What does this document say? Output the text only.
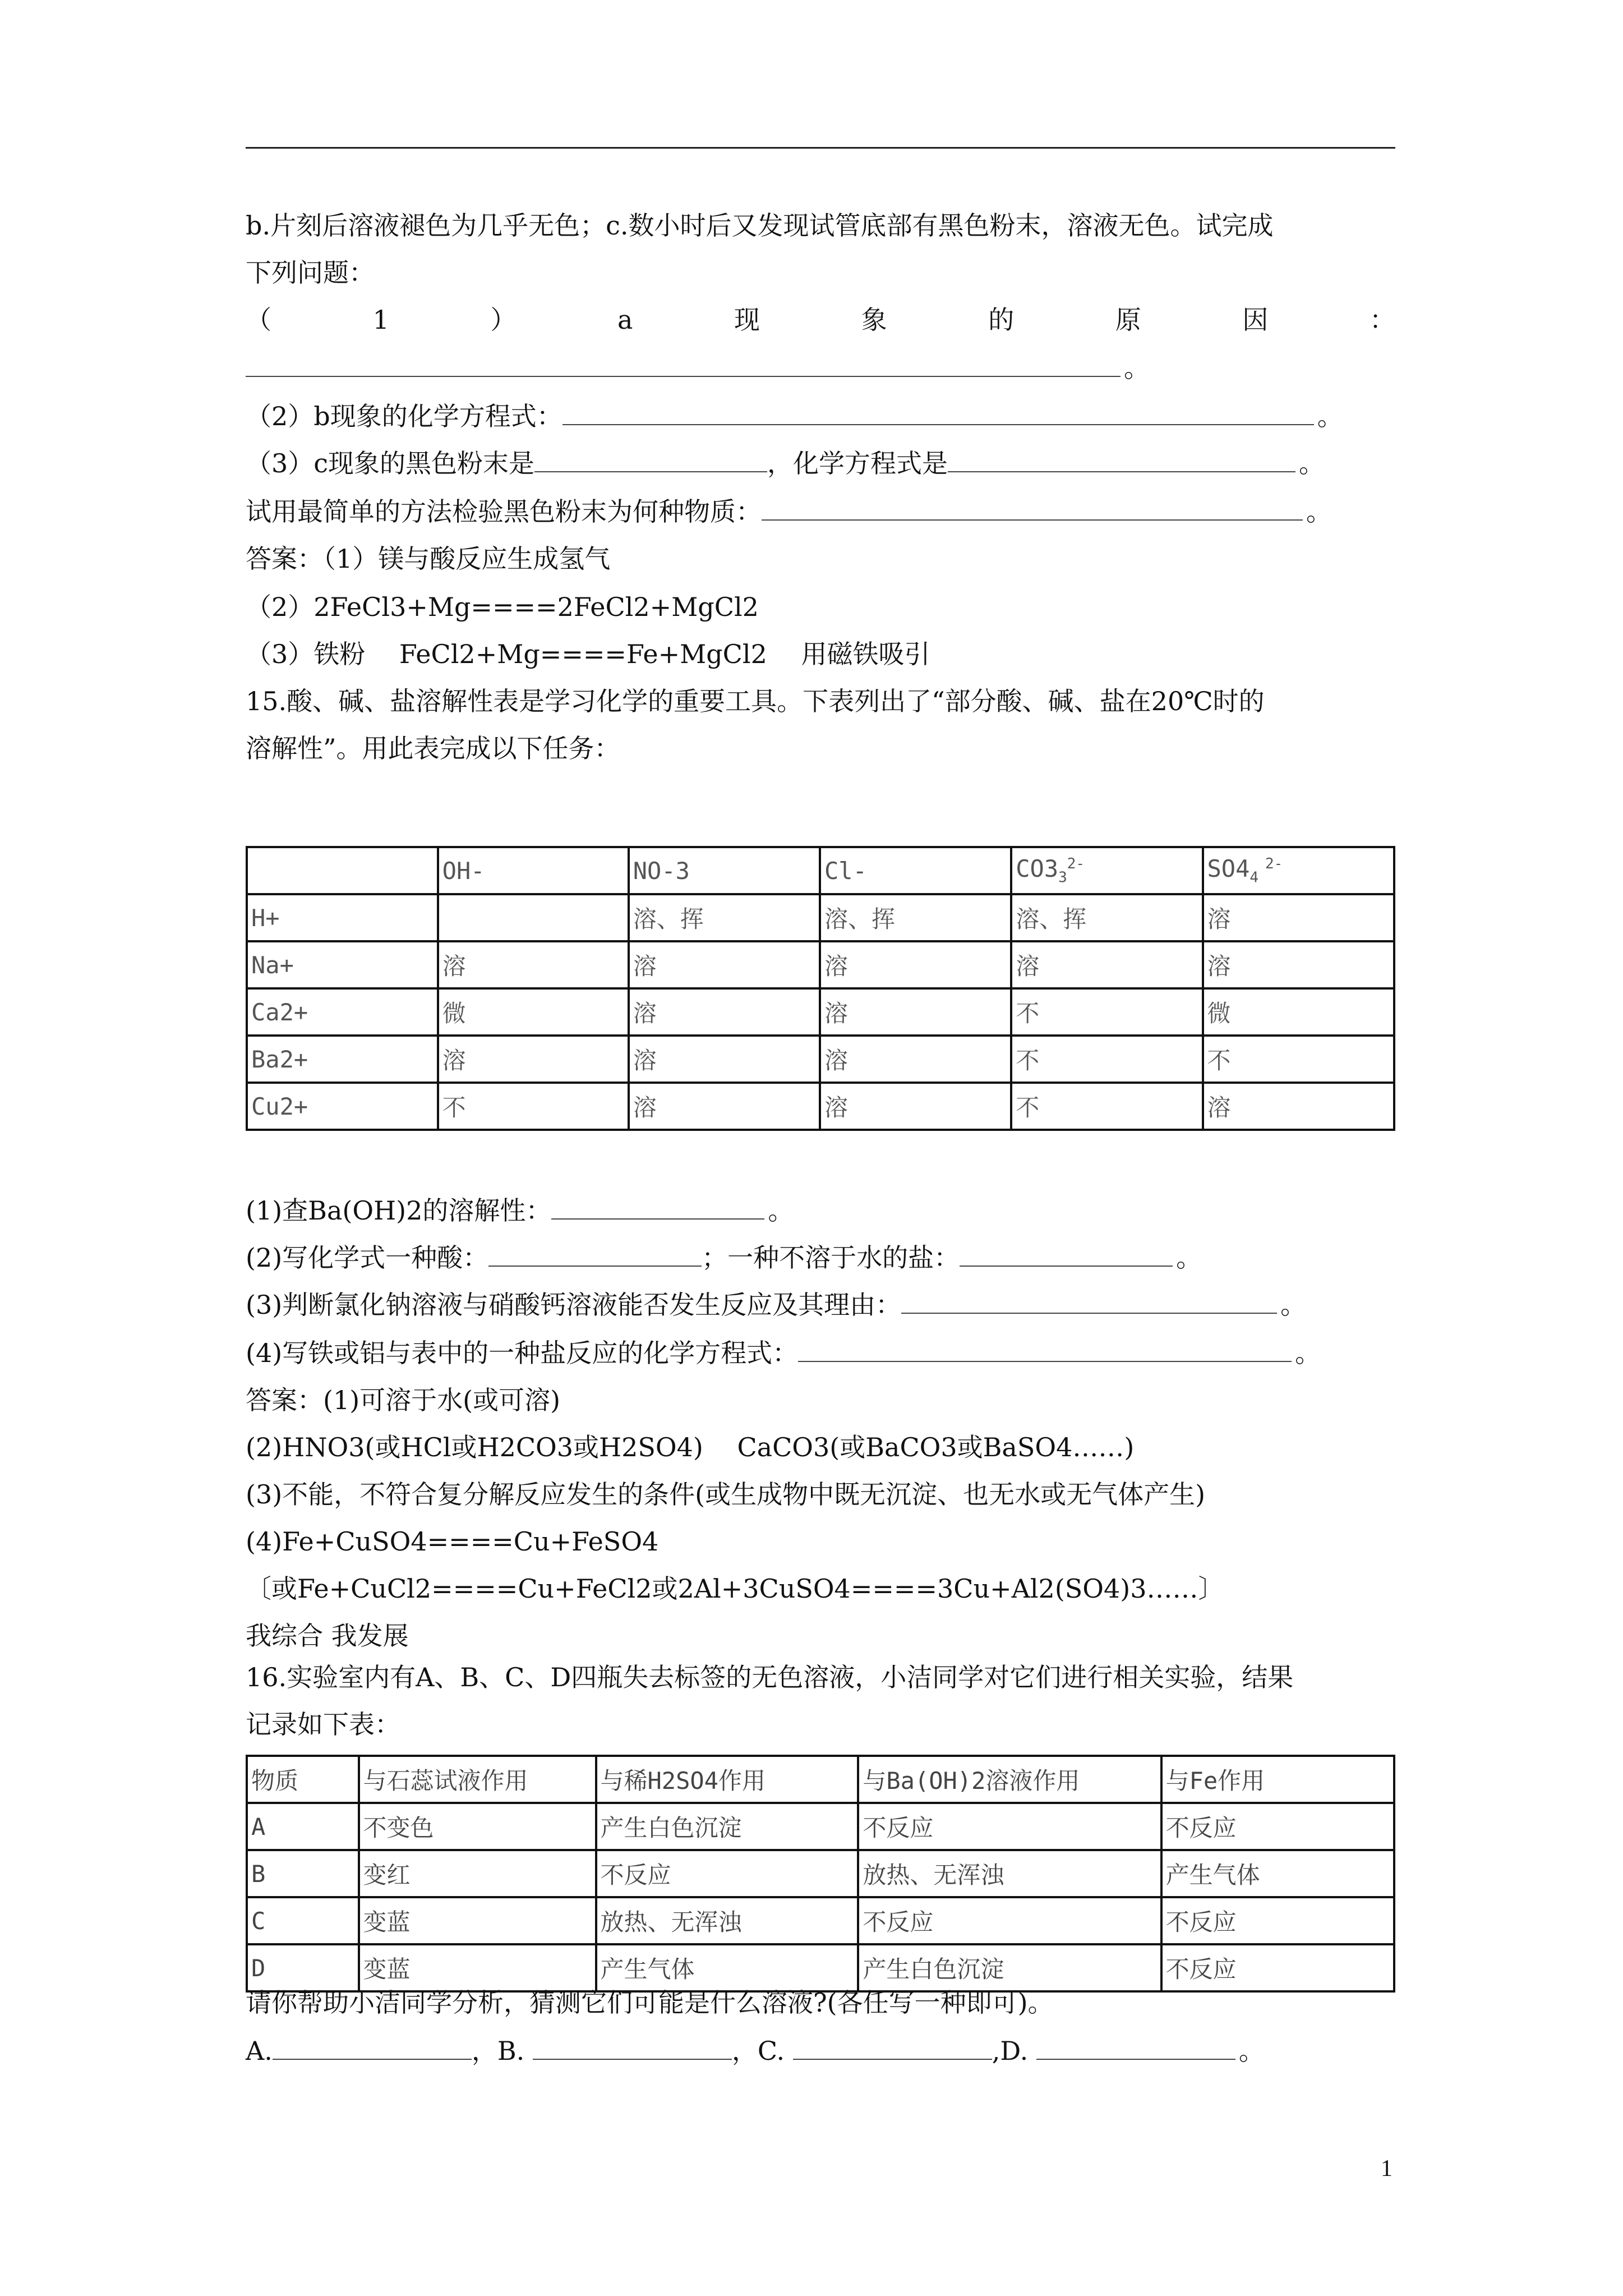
b.片刻后溶液褪色为几乎无色；c.数小时后又发现试管底部有黑色粉末，溶液无色。试完成
下列问题：
（	1	）	a	现	象	的	原	因	：
。
（2）b现象的化学方程式：	。
（3）c现象的黑色粉末是	，化学方程式是	。
试用最简单的方法检验黑色粉末为何种物质：	。
答案：（1）镁与酸反应生成氢气
（2）2FeCl3+Mg====2FeCl2+MgCl2
（3）铁粉　 FeCl2+Mg====Fe+MgCl2　 用磁铁吸引
15.酸、碱、盐溶解性表是学习化学的重要工具。下表列出了“部分酸、碱、盐在20℃时的
溶解性”。用此表完成以下任务：
	OH-	NO-3	Cl-	$CO3_3^{2-}$	$SO4_4^{2-}$
H+		溶、挥	溶、挥	溶、挥	溶
Na+	溶	溶	溶	溶	溶
Ca2+	微	溶	溶	不	微
Ba2+	溶	溶	溶	不	不
Cu2+	不	溶	溶	不	溶
物质	与石蕊试液作用	与稀H2SO4作用	与Ba(OH)2溶液作用	与Fe作用
A	不变色	产生白色沉淀	不反应	不反应
B	变红	不反应	放热、无浑浊	产生气体
C	变蓝	放热、无浑浊	不反应	不反应
D	变蓝	产生气体	产生白色沉淀	不反应
(1)查Ba(OH)2的溶解性：	。
(2)写化学式一种酸：	；一种不溶于水的盐：	。
(3)判断氯化钠溶液与硝酸钙溶液能否发生反应及其理由：	。
(4)写铁或铝与表中的一种盐反应的化学方程式：	。
答案：(1)可溶于水(或可溶)
(2)HNO3(或HCl或H2CO3或H2SO4)　 CaCO3(或BaCO3或BaSO4……)
(3)不能，不符合复分解反应发生的条件(或生成物中既无沉淀、也无水或无气体产生)
(4)Fe+CuSO4====Cu+FeSO4
〔或Fe+CuCl2====Cu+FeCl2或2Al+3CuSO4====3Cu+Al2(SO4)3……〕
我综合 我发展
16.实验室内有A、B、C、D四瓶失去标签的无色溶液，小洁同学对它们进行相关实验，结果
请你帮助小洁同学分析，猜测它们可能是什么溶液?(各任写一种即可)。
A.	，B.	，C.	,D.	。
1
记录如下表：
